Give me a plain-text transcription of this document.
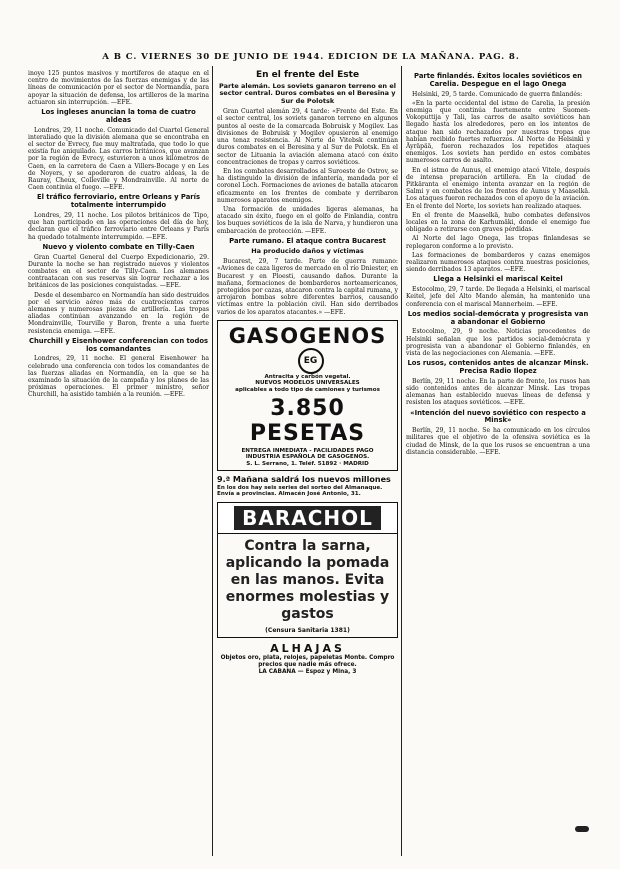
A B C. VIERNES 30 DE JUNIO DE 1944. EDICION DE LA MAÑANA. PAG. 8.

inoye 125 puntos masivos y mortíferos de ataque en el centro de movimientos de las fuerzas enemigas y de las líneas de comunicación por el sector de Normandía, para apoyar la situación de defensa, los artilleros de la marina actuaron sin interrupción. —EFE.

Los ingleses anuncian la toma de cuatro aldeas

Londres, 29, 11 noche. Comunicado del Cuartel General interaliado que la división alemana que se encontraba en el sector de Evrecy, fue muy maltratada, que todo lo que existía fue aniquilado. Las carros británicos, que avanzan por la región de Evrecy, estuvieron a unos kilómetros de Caen, en la carretera de Caen a Villers-Bocage y en Les de Noyers, y se apoderaron de cuatro aldeas, la de Rauray, Cheux, Colleville y Mondrainville. Al norte de Caen continúa el fuego. —EFE.

El tráfico ferroviario, entre Orleans y París totalmente interrumpido

Londres, 29, 11 noche. Los pilotos británicos de Tipo, que han participado en las operaciones del día de hoy, declaran que el tráfico ferroviario entre Orleans y París ha quedado totalmente interrumpido. —EFE.

Nuevo y violento combate en Tilly-Caen

Gran Cuartel General del Cuerpo Expedicionario, 29. Durante la noche se han registrado nuevos y violentos combates en el sector de Tilly-Caen. Los alemanes contraatacan con sus reservas sin lograr rechazar a los británicos de las posiciones conquistadas. —EFE.

Desde el desembarco en Normandía han sido destruidos por el servicio aéreo más de cuatrocientos carros alemanes y numerosas piezas de artillería. Las tropas aliadas continúan avanzando en la región de Mondrainville, Tourville y Baron, frente a una fuerte resistencia enemiga. —EFE.

Churchill y Eisenhower conferencian con todos los comandantes

Londres, 29, 11 noche. El general Eisenhower ha celebrado una conferencia con todos los comandantes de las fuerzas aliadas en Normandía, en la que se ha examinado la situación de la campaña y los planes de las próximas operaciones. El primer ministro, señor Churchill, ha asistido también a la reunión. —EFE.

En el frente del Este
Parte alemán. Los soviets ganaron terreno en el sector central. Duros combates en el Beresina y Sur de Polotsk

Gran Cuartel alemán 29, 4 tarde: «Frente del Este. En el sector central, los soviets ganaron terreno en algunos puntos al oeste de la comarcada Bobruisk y Mogilev. Las divisiones de Bobruisk y Mogilev opusieron al enemigo una tenaz resistencia. Al Norte de Vitebsk continúan duros combates en el Beresina y al Sur de Polotsk. En el sector de Lituania la aviación alemana atacó con éxito concentraciones de tropas y carros soviéticos.

En los combates desarrollados al Suroeste de Ostrov, se ha distinguido la división de infantería, mandada por el coronel Loch. Formaciones de aviones de batalla atacaron eficazmente en los frentes de combate y derribaron numerosos aparatos enemigos.

Una formación de unidades ligeras alemanas, ha atacado sin éxito, fuego en el golfo de Finlandia, contra los buques soviéticos de la isla de Narva, y hundieron una embarcación de protección. —EFE.

Parte rumano. El ataque contra Bucarest
Ha producido daños y víctimas

Bucarest, 29, 7 tarde. Parte de guerra rumano: «Aviones de caza ligeros de mercado en ol río Dniester, en Bucarest y en Ploesti, causando daños. Durante la mañana, formaciones de bombarderos norteamericanos, protegidos por cazas, atacaron contra la capital rumana, y arrojaron bombas sobre diferentes barrios, causando víctimas entre la población civil. Han sido derribados varios de los aparatos atacantes.» —EFE.

GASOGENOS EG
Antracita y carbón vegetal.
NUEVOS MODELOS UNIVERSALES
aplicables a todo tipo de camiones y turismos
3.850 PESETAS
ENTREGA INMEDIATA - FACILIDADES PAGO
INDUSTRIA ESPAÑOLA DE GASOGENOS.
S. L. Serrano, 1. Teléf. 51892 · MADRID
9.ª Mañana saldrá los nuevos millones
En los dos hay seis series del sorteo del Almanaque. Envía a provincias. Almacén José Antonio, 31.
BARACHOL
Contra la sarna, aplicando la pomada en las manos. Evita enormes molestias y gastos
(Censura Sanitaria 1381)
ALHAJAS
Objetos oro, plata, relojes, papeletas Monte. Compro precios que nadie más ofrece.
LA CABANA — Espoz y Mina, 3
Parte finlandés. Éxitos locales soviéticos en Carelia. Despegue en el lago Onega

Helsinki, 29, 5 tarde. Comunicado de guerra finlandés:

«En la parte occidental del istmo de Carelia, la presión enemiga que continúa fuertemente entre Suomen-Vokoputtija y Tali, las carros de asalto soviéticos han llegado hasta los alrededores, pero en los intentos de ataque han sido rechazados por nuestras tropas que habían recibido fuertes refuerzos. Al Norte de Helsinki y Äyräpää, fueron rechazados los repetidos ataques enemigos. Los soviets han perdido en estos combates numerosos carros de asalto.

En el istmo de Aunus, el enemigo atacó Vitele, después de intensa preparación artillera. En la ciudad de Pitkäranta el enemigo intenta avanzar en la región de Salmi y en combates de los frentes de Aunus y Maaselkä. Los ataques fueron rechazados con el apoyo de la aviación. En el frente del Norte, los soviets han realizado ataques.

En el frente de Maaselkä, hubo combates defensivos locales en la zona de Karhumäki, donde el enemigo fue obligado a retirarse con graves pérdidas.

Al Norte del lago Onega, las tropas finlandesas se replegaron conforme a lo previsto.

Las formaciones de bombarderos y cazas enemigos realizaron numerosos ataques contra nuestras posiciones, siendo derribados 13 aparatos. —EFE.

Llega a Helsinki el mariscal Keitel

Estocolmo, 29, 7 tarde. De llegada a Helsinki, el mariscal Keitel, jefe del Alto Mando alemán, ha mantenido una conferencia con el mariscal Mannerheim. —EFE.

Los medios social-demócrata y progresista van a abandonar el Gobierno

Estocolmo, 29, 9 noche. Noticias procedentes de Helsinki señalan que los partidos social-demócrata y progresista van a abandonar el Gobierno finlandés, en vista de las negociaciones con Alemania. —EFE.

Los rusos, contenidos antes de alcanzar Minsk. Precisa Radio Ilopez

Berlín, 29, 11 noche. En la parte de frente, los rusos han sido contenidos antes de alcanzar Minsk. Las tropas alemanas han establecido nuevas líneas de defensa y resisten los ataques soviéticos. —EFE.

«Intención del nuevo soviético con respecto a Minsk»

Berlín, 29, 11 noche. Se ha comunicado en los círculos militares que el objetivo de la ofensiva soviética es la ciudad de Minsk, de la que los rusos se encuentran a una distancia considerable. —EFE.
